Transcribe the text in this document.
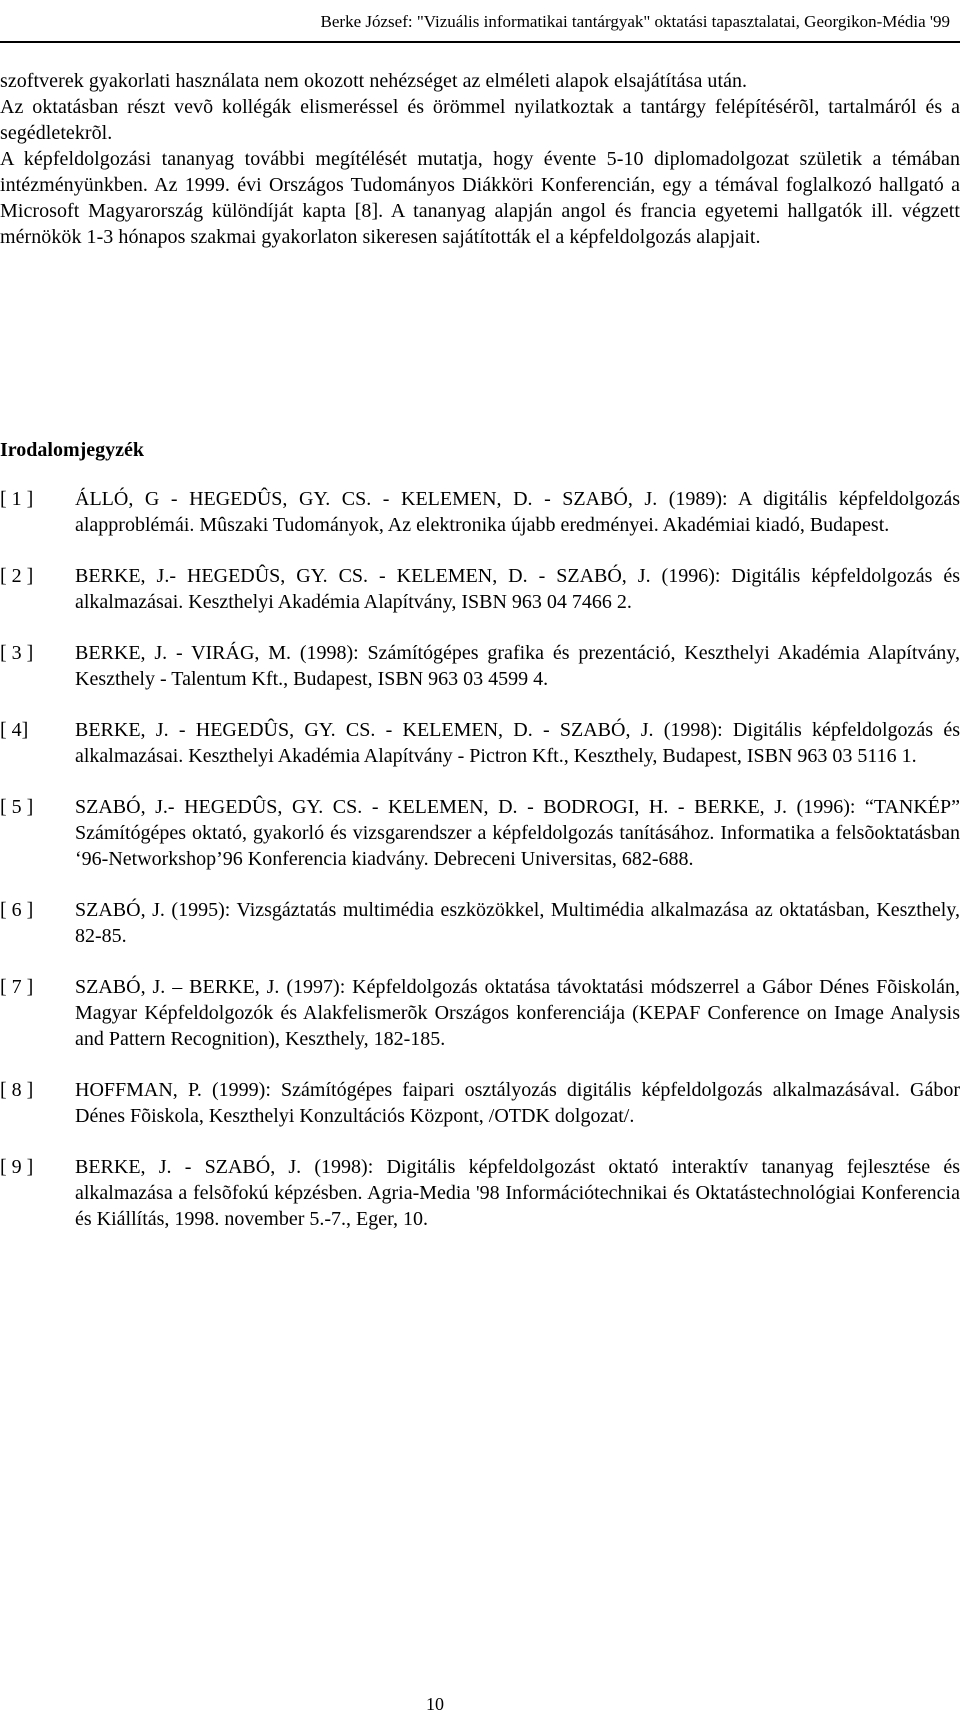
Berke József: "Vizuális informatikai tantárgyak" oktatási tapasztalatai, Georgikon-Média '99

szoftverek gyakorlati használata nem okozott nehézséget az elméleti alapok elsajátítása után.

Az oktatásban részt vevõ kollégák elismeréssel és örömmel nyilatkoztak a tantárgy felépítésérõl, tartalmáról és a segédletekrõl.

A képfeldolgozási tananyag további megítélését mutatja, hogy évente 5-10 diplomadolgozat születik a témában intézményünkben. Az 1999. évi Országos Tudományos Diákköri Konferencián, egy a témával foglalkozó hallgató a Microsoft Magyarország különdíját kapta [8]. A tananyag alapján angol és francia egyetemi hallgatók ill. végzett mérnökök 1-3 hónapos szakmai gyakorlaton sikeresen sajátították el a képfeldolgozás alapjait.

Irodalomjegyzék
[ 1 ]	ÁLLÓ, G - HEGEDÛS, GY. CS. - KELEMEN, D. - SZABÓ, J. (1989): A digitális képfeldolgozás alapproblémái. Mûszaki Tudományok, Az elektronika újabb eredményei. Akadémiai kiadó, Budapest.
[ 2 ]	BERKE, J.- HEGEDÛS, GY. CS. - KELEMEN, D. - SZABÓ, J. (1996): Digitális képfeldolgozás és alkalmazásai. Keszthelyi Akadémia Alapítvány, ISBN 963 04 7466 2.
[ 3 ]	BERKE, J. - VIRÁG, M. (1998): Számítógépes grafika és prezentáció, Keszthelyi Akadémia Alapítvány, Keszthely - Talentum Kft., Budapest, ISBN 963 03 4599 4.
[ 4]	BERKE, J. - HEGEDÛS, GY. CS. - KELEMEN, D. - SZABÓ, J. (1998): Digitális képfeldolgozás és alkalmazásai. Keszthelyi Akadémia Alapítvány - Pictron Kft., Keszthely, Budapest, ISBN 963 03 5116 1.
[ 5 ]	SZABÓ, J.- HEGEDÛS, GY. CS. - KELEMEN, D. - BODROGI, H. - BERKE, J. (1996): “TANKÉP” Számítógépes oktató, gyakorló és vizsgarendszer a képfeldolgozás tanításához. Informatika a felsõoktatásban ‘96-Networkshop’96 Konferencia kiadvány. Debreceni Universitas, 682-688.
[ 6 ]	SZABÓ, J. (1995): Vizsgáztatás multimédia eszközökkel, Multimédia alkalmazása az oktatásban, Keszthely, 82-85.
[ 7 ]	SZABÓ, J. – BERKE, J. (1997): Képfeldolgozás oktatása távoktatási módszerrel a Gábor Dénes Fõiskolán, Magyar Képfeldolgozók és Alakfelismerõk Országos konferenciája (KEPAF Conference on Image Analysis and Pattern Recognition), Keszthely, 182-185.
[ 8 ]	HOFFMAN, P. (1999): Számítógépes faipari osztályozás digitális képfeldolgozás alkalmazásával. Gábor Dénes Fõiskola, Keszthelyi Konzultációs Központ, /OTDK dolgozat/.
[ 9 ]	BERKE, J. - SZABÓ, J. (1998): Digitális képfeldolgozást oktató interaktív tananyag fejlesztése és alkalmazása a felsõfokú képzésben. Agria-Media '98 Információtechnikai és Oktatástechnológiai Konferencia és Kiállítás, 1998. november 5.-7., Eger, 10.
10
